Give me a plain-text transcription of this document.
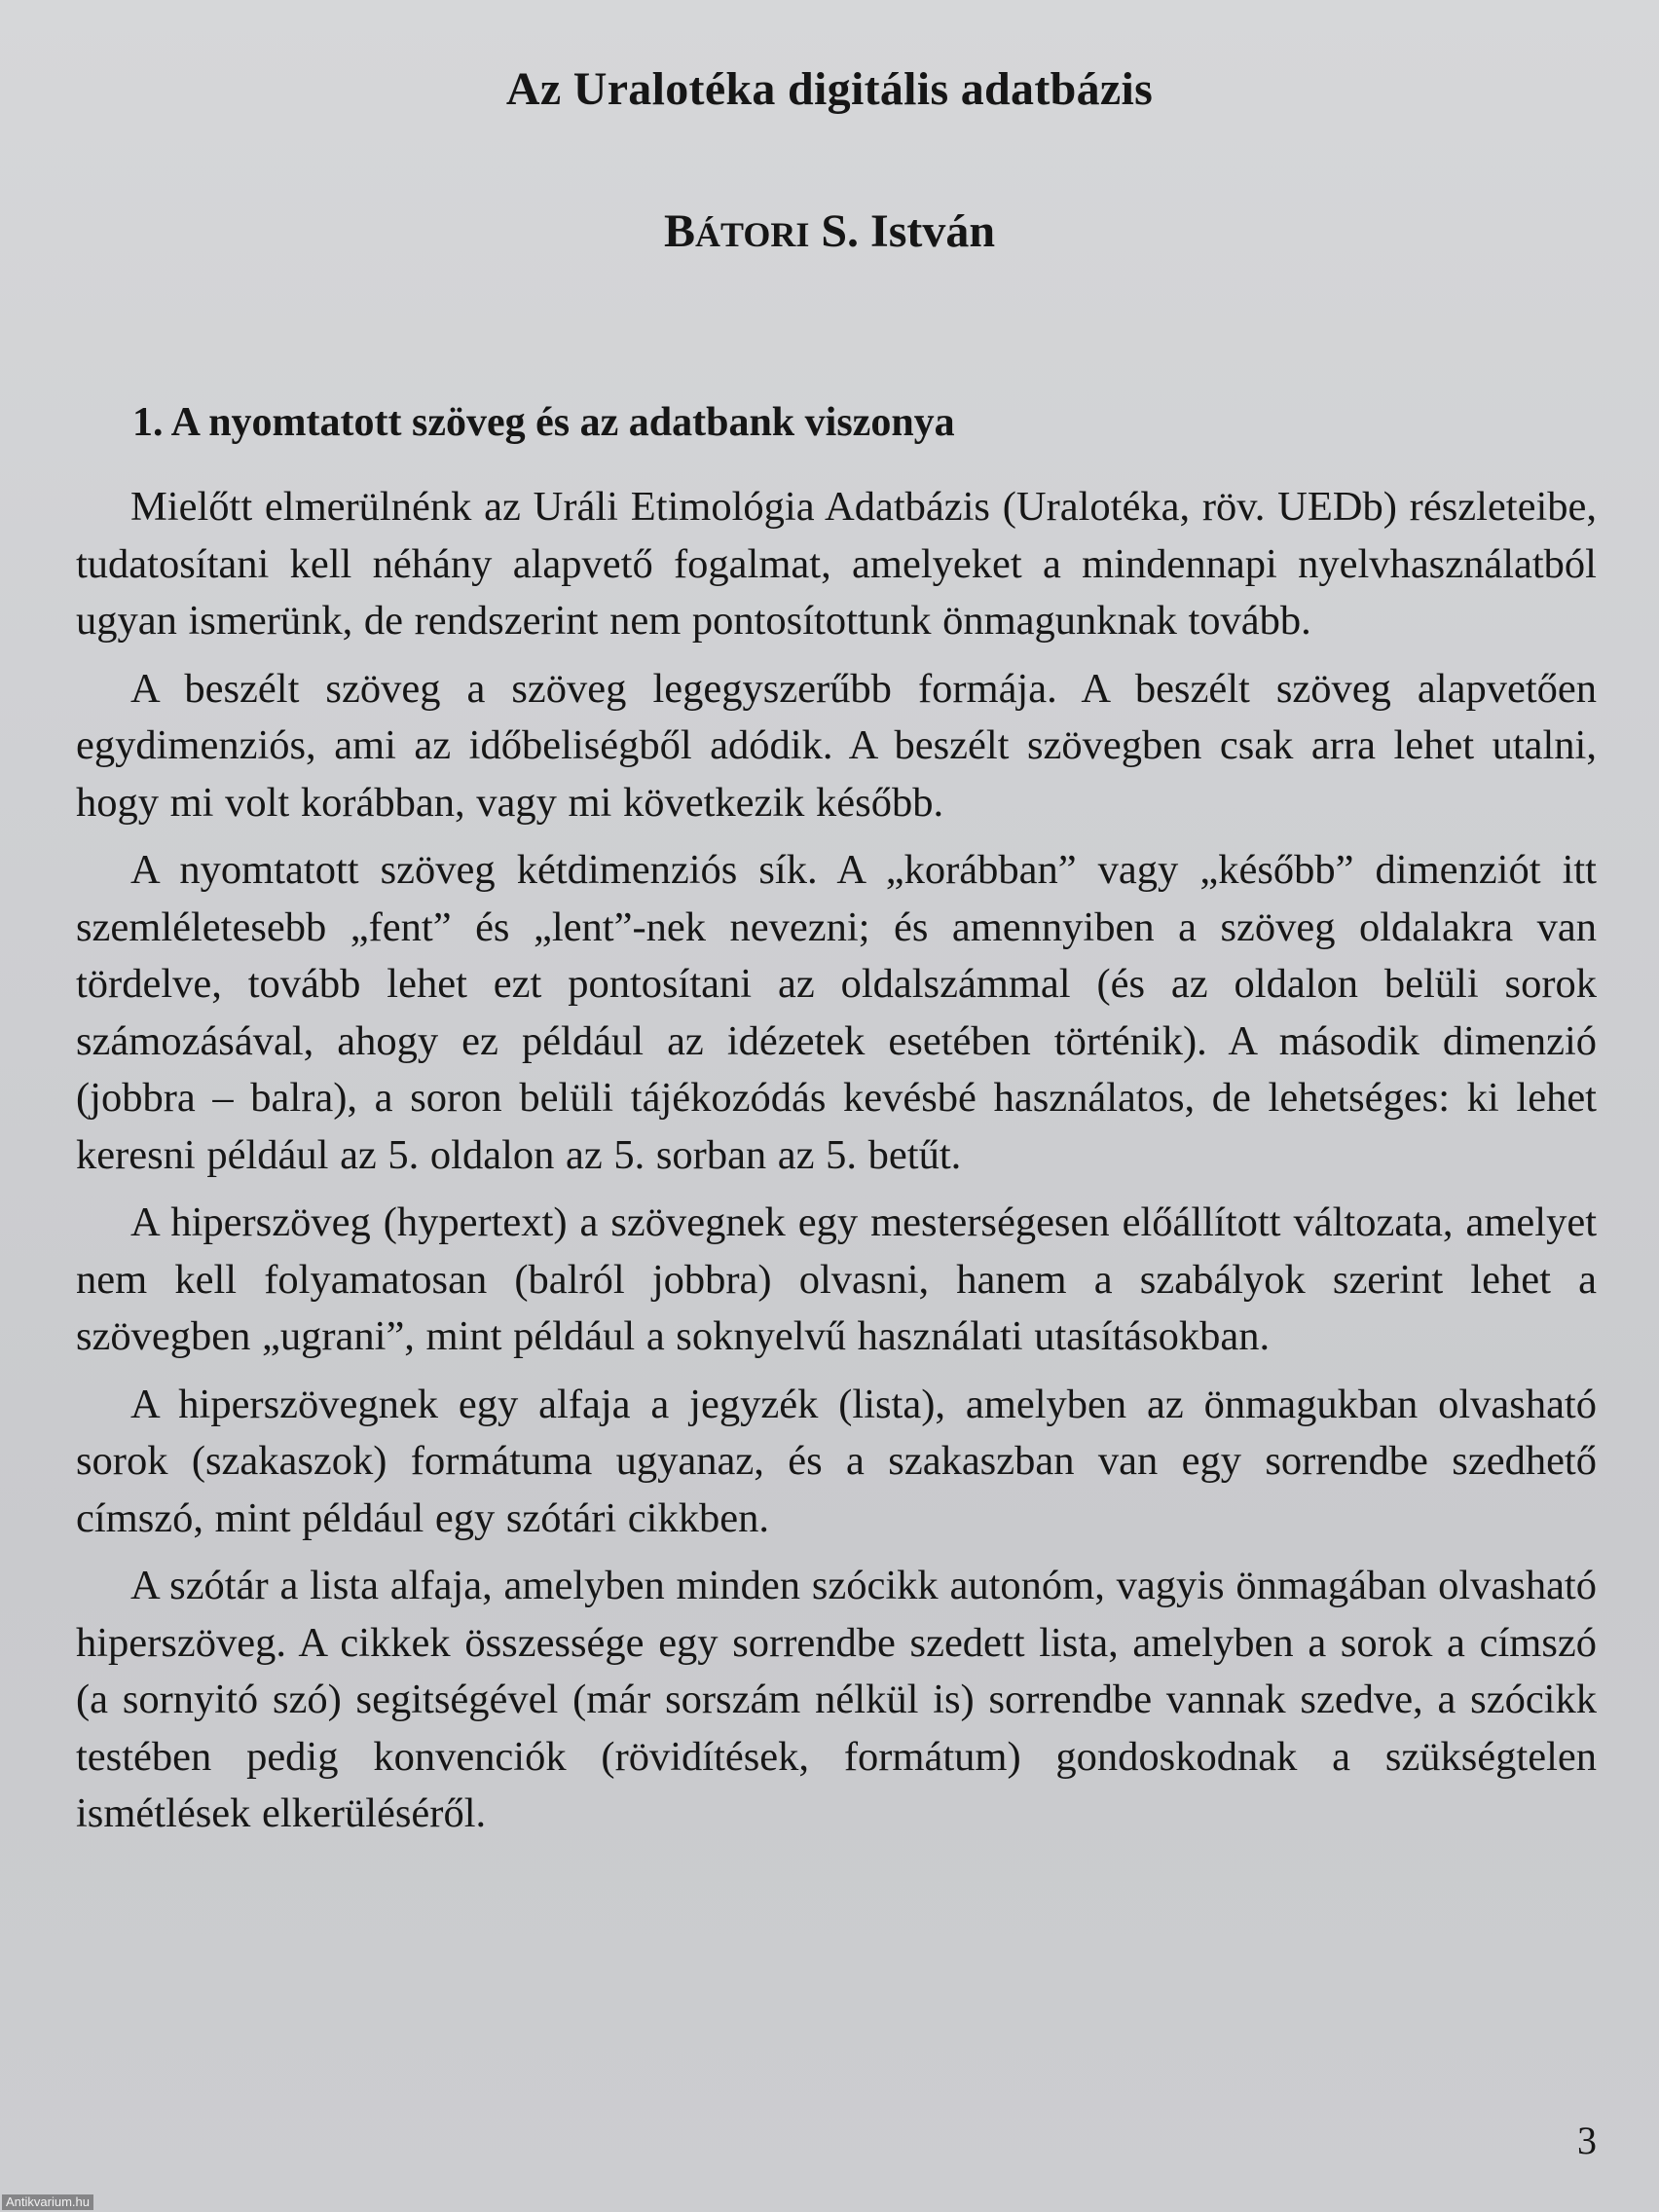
Az Uralotéka digitális adatbázis
BÁTORI S. István
1. A nyomtatott szöveg és az adatbank viszonya

Mielőtt elmerülnénk az Uráli Etimológia Adatbázis (Uralotéka, röv. UEDb) részleteibe, tudatosítani kell néhány alapvető fogalmat, amelyeket a mindennapi nyelvhasználatból ugyan ismerünk, de rendszerint nem pontosítottunk önmagunknak tovább.

A beszélt szöveg a szöveg legegyszerűbb formája. A beszélt szöveg alapvetően egydimenziós, ami az időbeliségből adódik. A beszélt szövegben csak arra lehet utalni, hogy mi volt korábban, vagy mi következik később.

A nyomtatott szöveg kétdimenziós sík. A „korábban” vagy „később” dimenziót itt szemléletesebb „fent” és „lent”-nek nevezni; és amennyiben a szöveg oldalakra van tördelve, tovább lehet ezt pontosítani az oldalszámmal (és az oldalon belüli sorok számozásával, ahogy ez például az idézetek esetében történik). A második dimenzió (jobbra – balra), a soron belüli tájékozódás kevésbé használatos, de lehetséges: ki lehet keresni például az 5. oldalon az 5. sorban az 5. betűt.

A hiperszöveg (hypertext) a szövegnek egy mesterségesen előállított változata, amelyet nem kell folyamatosan (balról jobbra) olvasni, hanem a szabályok szerint lehet a szövegben „ugrani”, mint például a soknyelvű használati utasításokban.

A hiperszövegnek egy alfaja a jegyzék (lista), amelyben az önmagukban olvasható sorok (szakaszok) formátuma ugyanaz, és a szakaszban van egy sorrendbe szedhető címszó, mint például egy szótári cikkben.

A szótár a lista alfaja, amelyben minden szócikk autonóm, vagyis önmagában olvasható hiperszöveg. A cikkek összessége egy sorrendbe szedett lista, amelyben a sorok a címszó (a sornyitó szó) segitségével (már sorszám nélkül is) sorrendbe vannak szedve, a szócikk testében pedig konvenciók (rövidítések, formátum) gondoskodnak a szükségtelen ismétlések elkerüléséről.

3
Antikvarium.hu
